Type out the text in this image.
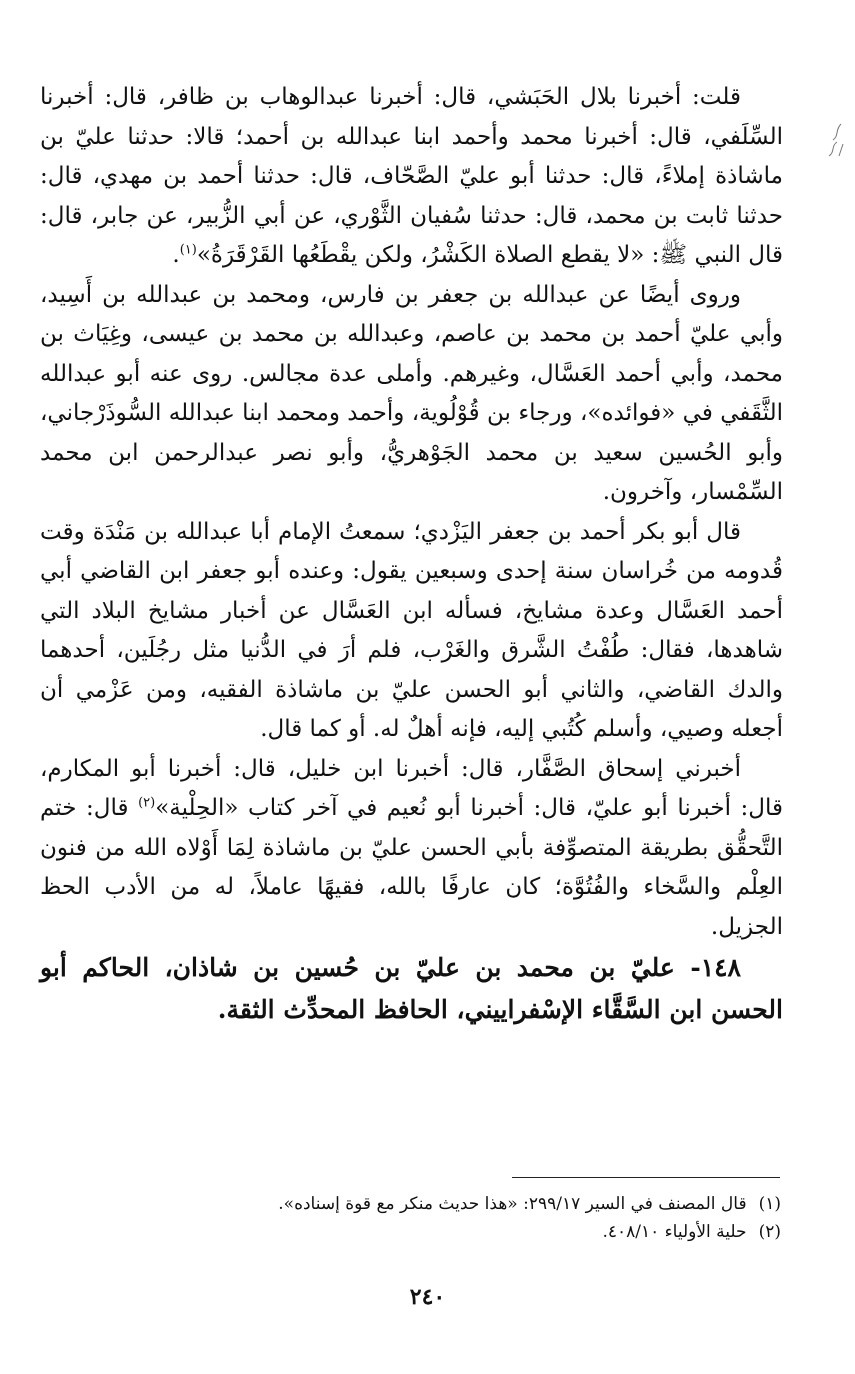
قلت: أخبرنا بلال الحَبَشي، قال: أخبرنا عبدالوهاب بن ظافر، قال: أخبرنا السِّلَفي، قال: أخبرنا محمد وأحمد ابنا عبدالله بن أحمد؛ قالا: حدثنا عليّ بن ماشاذة إملاءً، قال: حدثنا أبو عليّ الصَّحّاف، قال: حدثنا أحمد بن مهدي، قال: حدثنا ثابت بن محمد، قال: حدثنا سُفيان الثَّوْري، عن أبي الزُّبير، عن جابر، قال: قال النبي ﷺ: «لا يقطع الصلاة الكَشْرُ، ولكن يقْطَعُها القَرْقَرَةُ»$^{(١)}$.

وروى أيضًا عن عبدالله بن جعفر بن فارس، ومحمد بن عبدالله بن أَسِيد، وأبي عليّ أحمد بن محمد بن عاصم، وعبدالله بن محمد بن عيسى، وغِيَاث بن محمد، وأبي أحمد العَسَّال، وغيرهم. وأملى عدة مجالس. روى عنه أبو عبدالله الثَّقَفي في «فوائده»، ورجاء بن قُوْلُوية، وأحمد ومحمد ابنا عبدالله السُّوذَرْجاني، وأبو الحُسين سعيد بن محمد الجَوْهريُّ، وأبو نصر عبدالرحمن ابن محمد السِّمْسار، وآخرون.

قال أبو بكر أحمد بن جعفر اليَزْدي؛ سمعتُ الإمام أبا عبدالله بن مَنْدَة وقت قُدومه من خُراسان سنة إحدى وسبعين يقول: وعنده أبو جعفر ابن القاضي أبي أحمد العَسَّال وعدة مشايخ، فسأله ابن العَسَّال عن أخبار مشايخ البلاد التي شاهدها، فقال: طُفْتُ الشَّرق والغَرْب، فلم أرَ في الدُّنيا مثل رجُلَين، أحدهما والدك القاضي، والثاني أبو الحسن عليّ بن ماشاذة الفقيه، ومن عَزْمي أن أجعله وصيي، وأسلم كُتُبي إليه، فإنه أهلٌ له. أو كما قال.

أخبرني إسحاق الصَّفَّار، قال: أخبرنا ابن خليل، قال: أخبرنا أبو المكارم، قال: أخبرنا أبو عليّ، قال: أخبرنا أبو نُعيم في آخر كتاب «الحِلْية»$^{(٢)}$ قال: ختم التَّحقُّق بطريقة المتصوِّفة بأبي الحسن عليّ بن ماشاذة لِمَا أَوْلاه الله من فنون العِلْم والسَّخاء والفُتُوَّة؛ كان عارفًا بالله، فقيهًا عاملاً، له من الأدب الحظ الجزيل.

١٤٨- عليّ بن محمد بن عليّ بن حُسين بن شاذان، الحاكم أبو الحسن ابن السَّقَّاء الإسْفراييني، الحافظ المحدِّث الثقة.

(١)قال المصنف في السير ٢٩٩/١٧: «هذا حديث منكر مع قوة إسناده».

(٢)حلية الأولياء ٤٠٨/١٠.

٢٤٠
